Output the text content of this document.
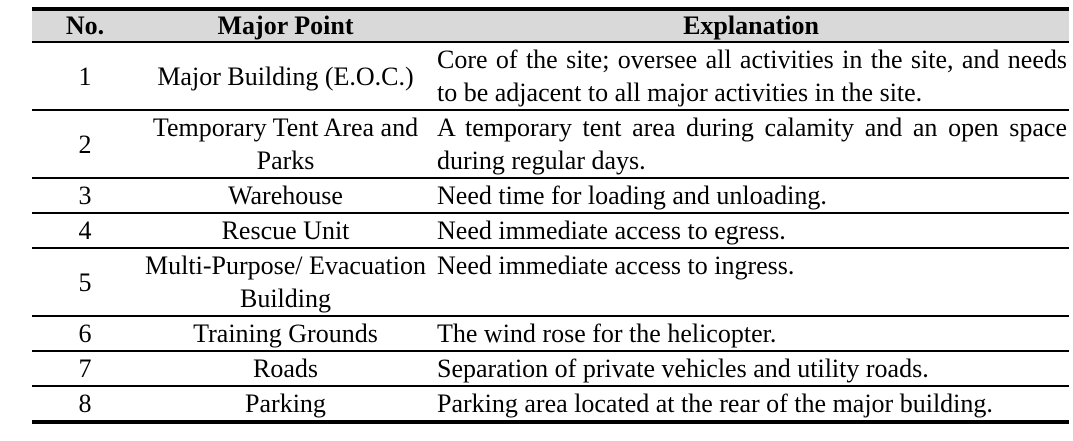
No.	Major Point	Explanation
1	Major Building (E.O.C.)	Core of the site; oversee all activities in the site, and needs to be adjacent to all major activities in the site.
2	Temporary Tent Area and Parks	A temporary tent area during calamity and an open space during regular days.
3	Warehouse	Need time for loading and unloading.
4	Rescue Unit	Need immediate access to egress.
5	Multi-Purpose/ Evacuation Building	Need immediate access to ingress.
6	Training Grounds	The wind rose for the helicopter.
7	Roads	Separation of private vehicles and utility roads.
8	Parking	Parking area located at the rear of the major building.
